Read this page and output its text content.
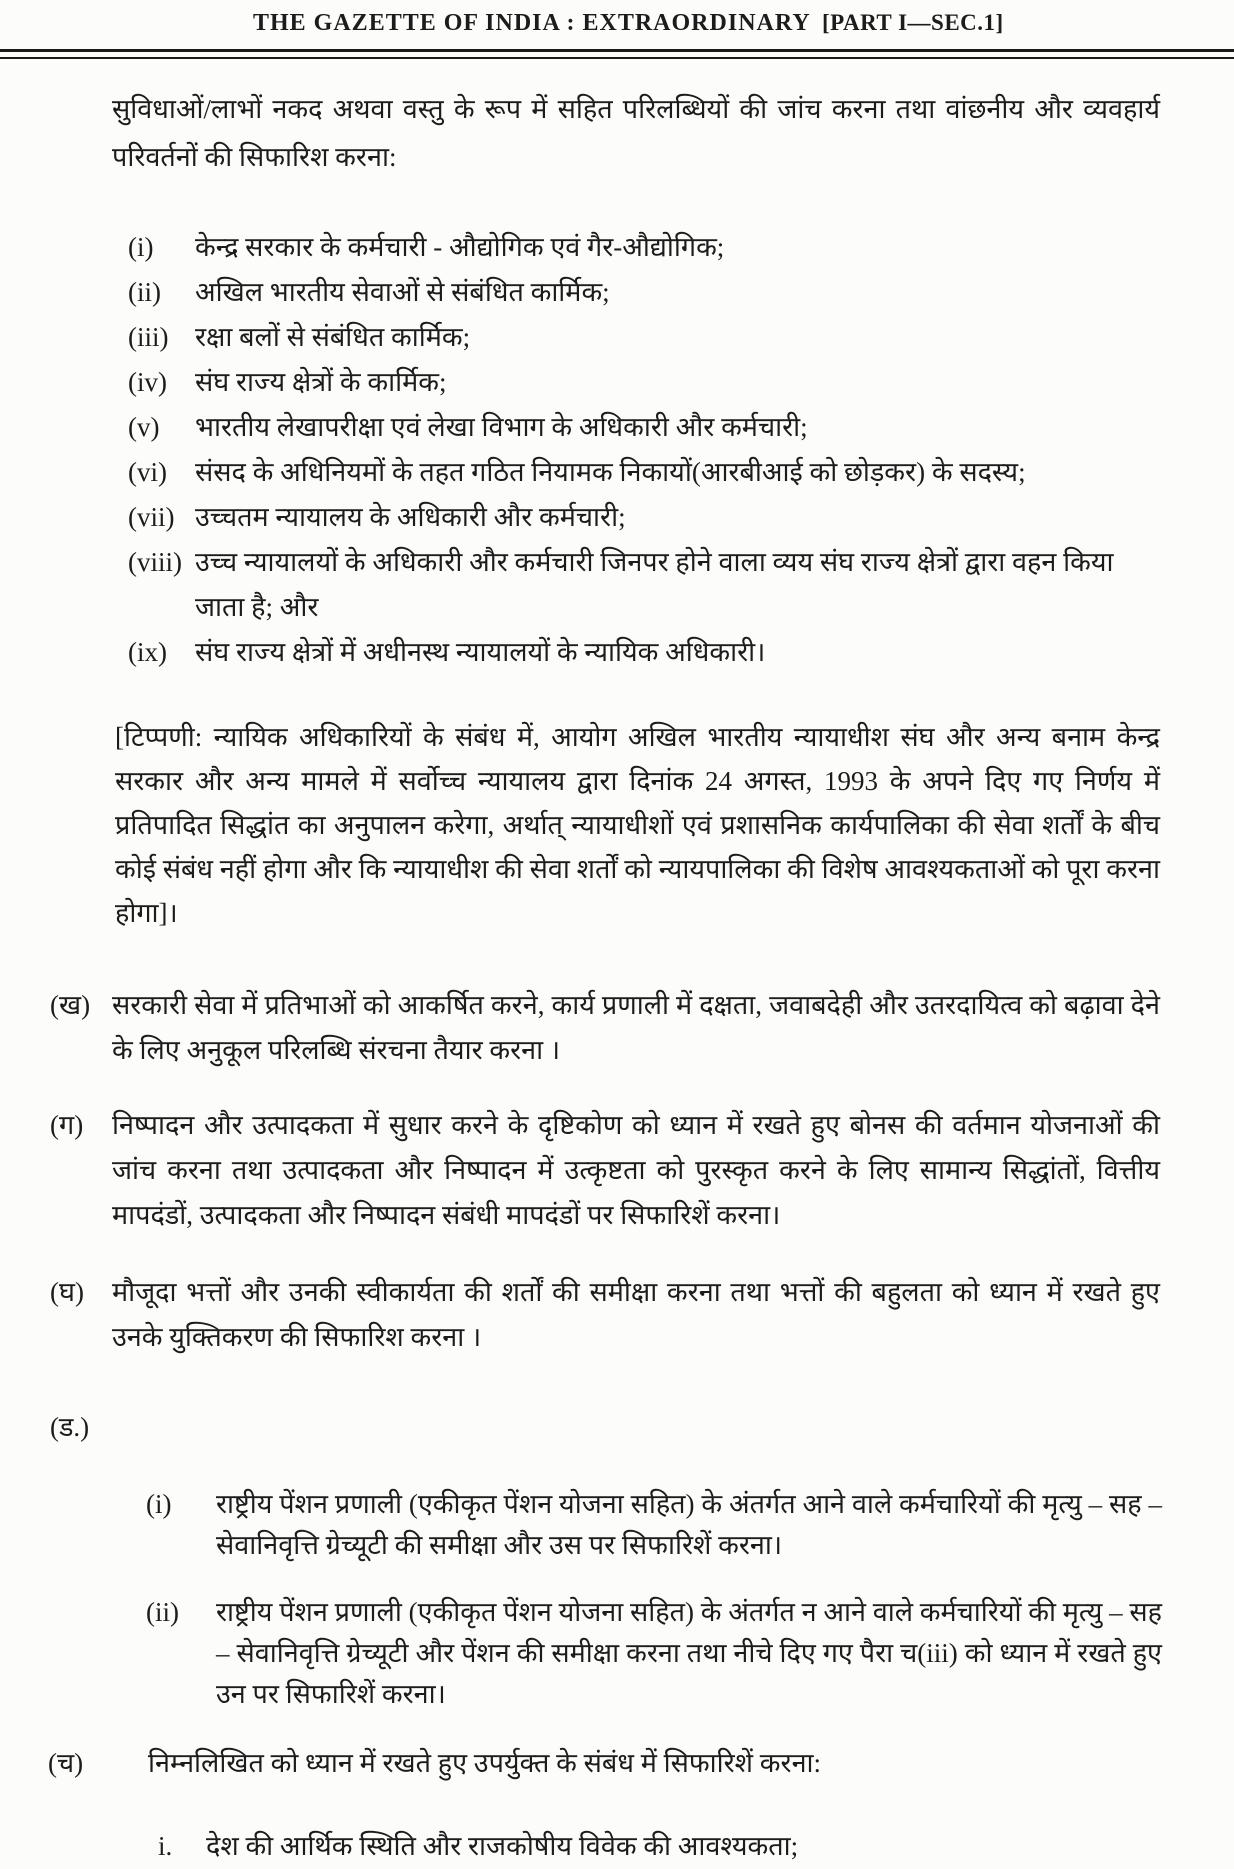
THE GAZETTE OF INDIA : EXTRAORDINARY [PART I—SEC.1]

सुविधाओं/लाभों नकद अथवा वस्तु के रूप में सहित परिलब्धियों की जांच करना तथा वांछनीय और व्यवहार्य परिवर्तनों की सिफारिश करना:

(i)	केन्द्र सरकार के कर्मचारी - औद्योगिक एवं गैर-औद्योगिक;
(ii)	अखिल भारतीय सेवाओं से संबंधित कार्मिक;
(iii) रक्षा बलों से संबंधित कार्मिक;
(iv)	संघ राज्य क्षेत्रों के कार्मिक;
(v)	भारतीय लेखापरीक्षा एवं लेखा विभाग के अधिकारी और कर्मचारी;
(vi)	संसद के अधिनियमों के तहत गठित नियामक निकायों(आरबीआई को छोड़कर) के सदस्य;
(vii) उच्चतम न्यायालय के अधिकारी और कर्मचारी;
(viii) उच्च न्यायालयों के अधिकारी और कर्मचारी जिनपर होने वाला व्यय संघ राज्य क्षेत्रों द्वारा वहन किया जाता है; और
(ix)	संघ राज्य क्षेत्रों में अधीनस्थ न्यायालयों के न्यायिक अधिकारी।

[टिप्पणी: न्यायिक अधिकारियों के संबंध में, आयोग अखिल भारतीय न्यायाधीश संघ और अन्य बनाम केन्द्र सरकार और अन्य मामले में सर्वोच्च न्यायालय द्वारा दिनांक 24 अगस्त, 1993 के अपने दिए गए निर्णय में प्रतिपादित सिद्धांत का अनुपालन करेगा, अर्थात् न्यायाधीशों एवं प्रशासनिक कार्यपालिका की सेवा शर्तों के बीच कोई संबंध नहीं होगा और कि न्यायाधीश की सेवा शर्तों को न्यायपालिका की विशेष आवश्यकताओं को पूरा करना होगा]।

(ख) सरकारी सेवा में प्रतिभाओं को आकर्षित करने, कार्य प्रणाली में दक्षता, जवाबदेही और उतरदायित्व को बढ़ावा देने के लिए अनुकूल परिलब्धि संरचना तैयार करना ।
(ग)	निष्पादन और उत्पादकता में सुधार करने के दृष्टिकोण को ध्यान में रखते हुए बोनस की वर्तमान योजनाओं की जांच करना तथा उत्पादकता और निष्पादन में उत्कृष्टता को पुरस्कृत करने के लिए सामान्य सिद्धांतों, वित्तीय मापदंडों, उत्पादकता और निष्पादन संबंधी मापदंडों पर सिफारिशें करना।
(घ)	मौजूदा भत्तों और उनकी स्वीकार्यता की शर्तों की समीक्षा करना तथा भत्तों की बहुलता को ध्यान में रखते हुए उनके युक्तिकरण की सिफारिश करना ।
(ड.)
(i)	राष्ट्रीय पेंशन प्रणाली (एकीकृत पेंशन योजना सहित) के अंतर्गत आने वाले कर्मचारियों की मृत्यु – सह – सेवानिवृत्ति ग्रेच्यूटी की समीक्षा और उस पर सिफारिशें करना।
(ii)	राष्ट्रीय पेंशन प्रणाली (एकीकृत पेंशन योजना सहित) के अंतर्गत न आने वाले कर्मचारियों की मृत्यु – सह – सेवानिवृत्ति ग्रेच्यूटी और पेंशन की समीक्षा करना तथा नीचे दिए गए पैरा च(iii) को ध्यान में रखते हुए उन पर सिफारिशें करना।
(च)	निम्नलिखित को ध्यान में रखते हुए उपर्युक्त के संबंध में सिफारिशें करना:
i.	देश की आर्थिक स्थिति और राजकोषीय विवेक की आवश्यकता;
